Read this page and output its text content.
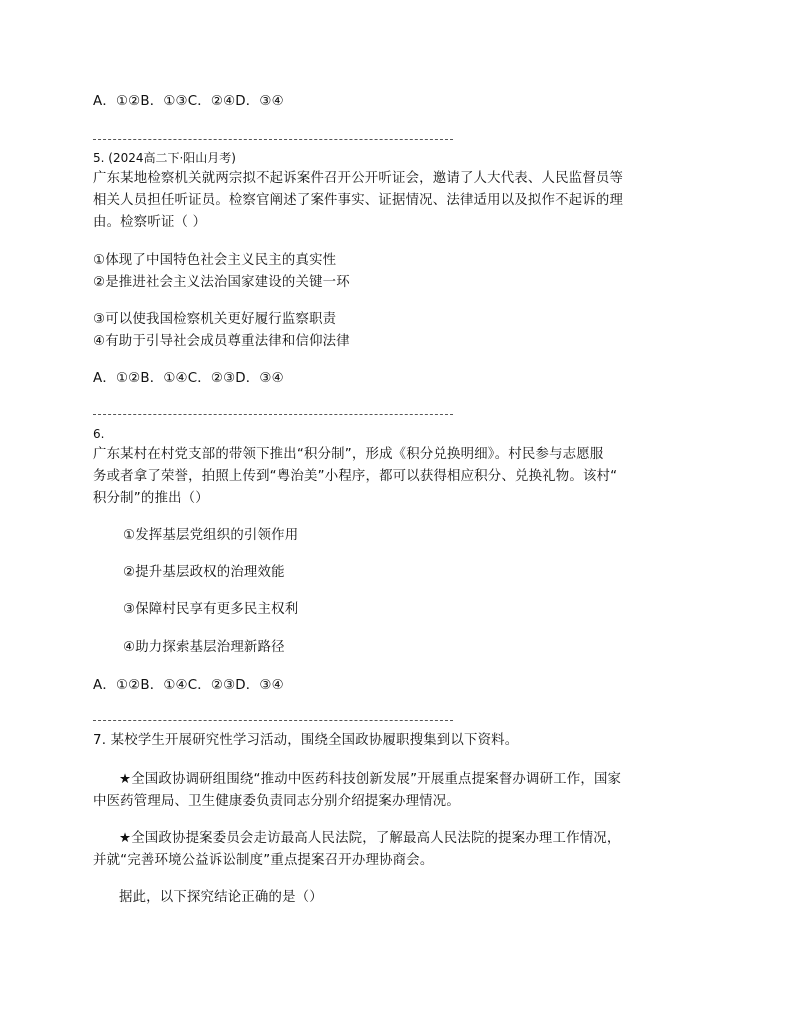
A．①②B．①③C．②④D．③④
5. (2024高二下·阳山月考)
广东某地检察机关就两宗拟不起诉案件召开公开听证会，邀请了人大代表、人民监督员等
相关人员担任听证员。检察官阐述了案件事实、证据情况、法律适用以及拟作不起诉的理
由。检察听证（ ）
①体现了中国特色社会主义民主的真实性
②是推进社会主义法治国家建设的关键一环
③可以使我国检察机关更好履行监察职责
④有助于引导社会成员尊重法律和信仰法律
A．①②B．①④C．②③D．③④
6.
广东某村在村党支部的带领下推出“积分制”，形成《积分兑换明细》。村民参与志愿服
务或者拿了荣誉，拍照上传到“粤治美”小程序，都可以获得相应积分、兑换礼物。该村“
积分制”的推出（）
①发挥基层党组织的引领作用
②提升基层政权的治理效能
③保障村民享有更多民主权利
④助力探索基层治理新路径
A．①②B．①④C．②③D．③④
7. 某校学生开展研究性学习活动，围绕全国政协履职搜集到以下资料。
★全国政协调研组围绕“推动中医药科技创新发展”开展重点提案督办调研工作，国家
中医药管理局、卫生健康委负责同志分别介绍提案办理情况。
★全国政协提案委员会走访最高人民法院，了解最高人民法院的提案办理工作情况，
并就“完善环境公益诉讼制度”重点提案召开办理协商会。
据此，以下探究结论正确的是（）
